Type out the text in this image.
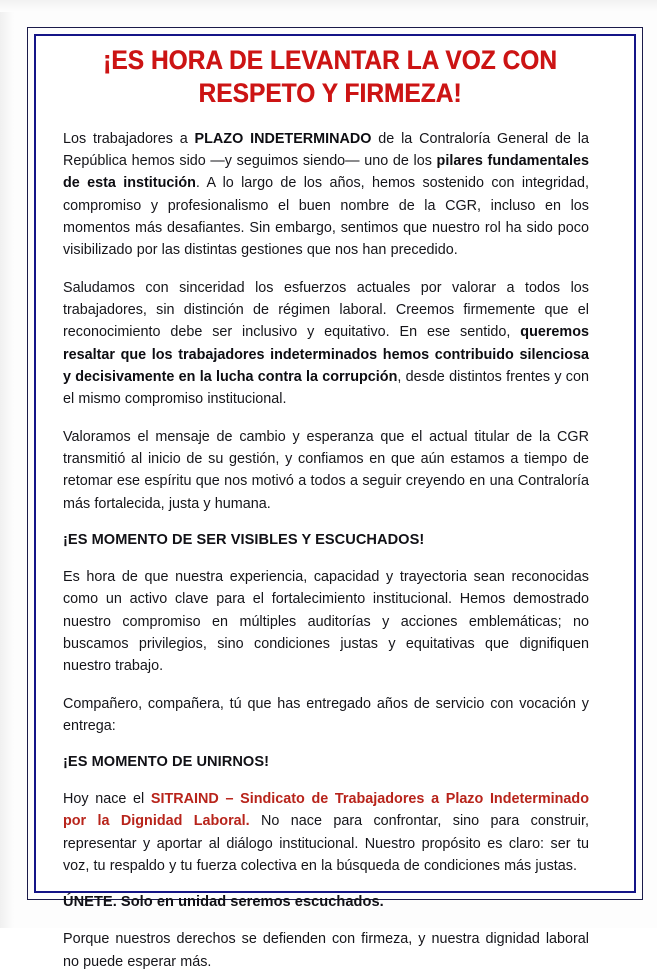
¡ES HORA DE LEVANTAR LA VOZ CON
RESPETO Y FIRMEZA!

Los trabajadores a PLAZO INDETERMINADO de la Contraloría General de la República hemos sido —y seguimos siendo— uno de los pilares fundamentales de esta institución. A lo largo de los años, hemos sostenido con integridad, compromiso y profesionalismo el buen nombre de la CGR, incluso en los momentos más desafiantes. Sin embargo, sentimos que nuestro rol ha sido poco visibilizado por las distintas gestiones que nos han precedido.

Saludamos con sinceridad los esfuerzos actuales por valorar a todos los trabajadores, sin distinción de régimen laboral. Creemos firmemente que el reconocimiento debe ser inclusivo y equitativo. En ese sentido, queremos resaltar que los trabajadores indeterminados hemos contribuido silenciosa y decisivamente en la lucha contra la corrupción, desde distintos frentes y con el mismo compromiso institucional.

Valoramos el mensaje de cambio y esperanza que el actual titular de la CGR transmitió al inicio de su gestión, y confiamos en que aún estamos a tiempo de retomar ese espíritu que nos motivó a todos a seguir creyendo en una Contraloría más fortalecida, justa y humana.

¡ES MOMENTO DE SER VISIBLES Y ESCUCHADOS!

Es hora de que nuestra experiencia, capacidad y trayectoria sean reconocidas como un activo clave para el fortalecimiento institucional. Hemos demostrado nuestro compromiso en múltiples auditorías y acciones emblemáticas; no buscamos privilegios, sino condiciones justas y equitativas que dignifiquen nuestro trabajo.

Compañero, compañera, tú que has entregado años de servicio con vocación y entrega:

¡ES MOMENTO DE UNIRNOS!

Hoy nace el SITRAIND – Sindicato de Trabajadores a Plazo Indeterminado por la Dignidad Laboral. No nace para confrontar, sino para construir, representar y aportar al diálogo institucional. Nuestro propósito es claro: ser tu voz, tu respaldo y tu fuerza colectiva en la búsqueda de condiciones más justas.

ÚNETE. Solo en unidad seremos escuchados.

Porque nuestros derechos se defienden con firmeza, y nuestra dignidad laboral no puede esperar más.
